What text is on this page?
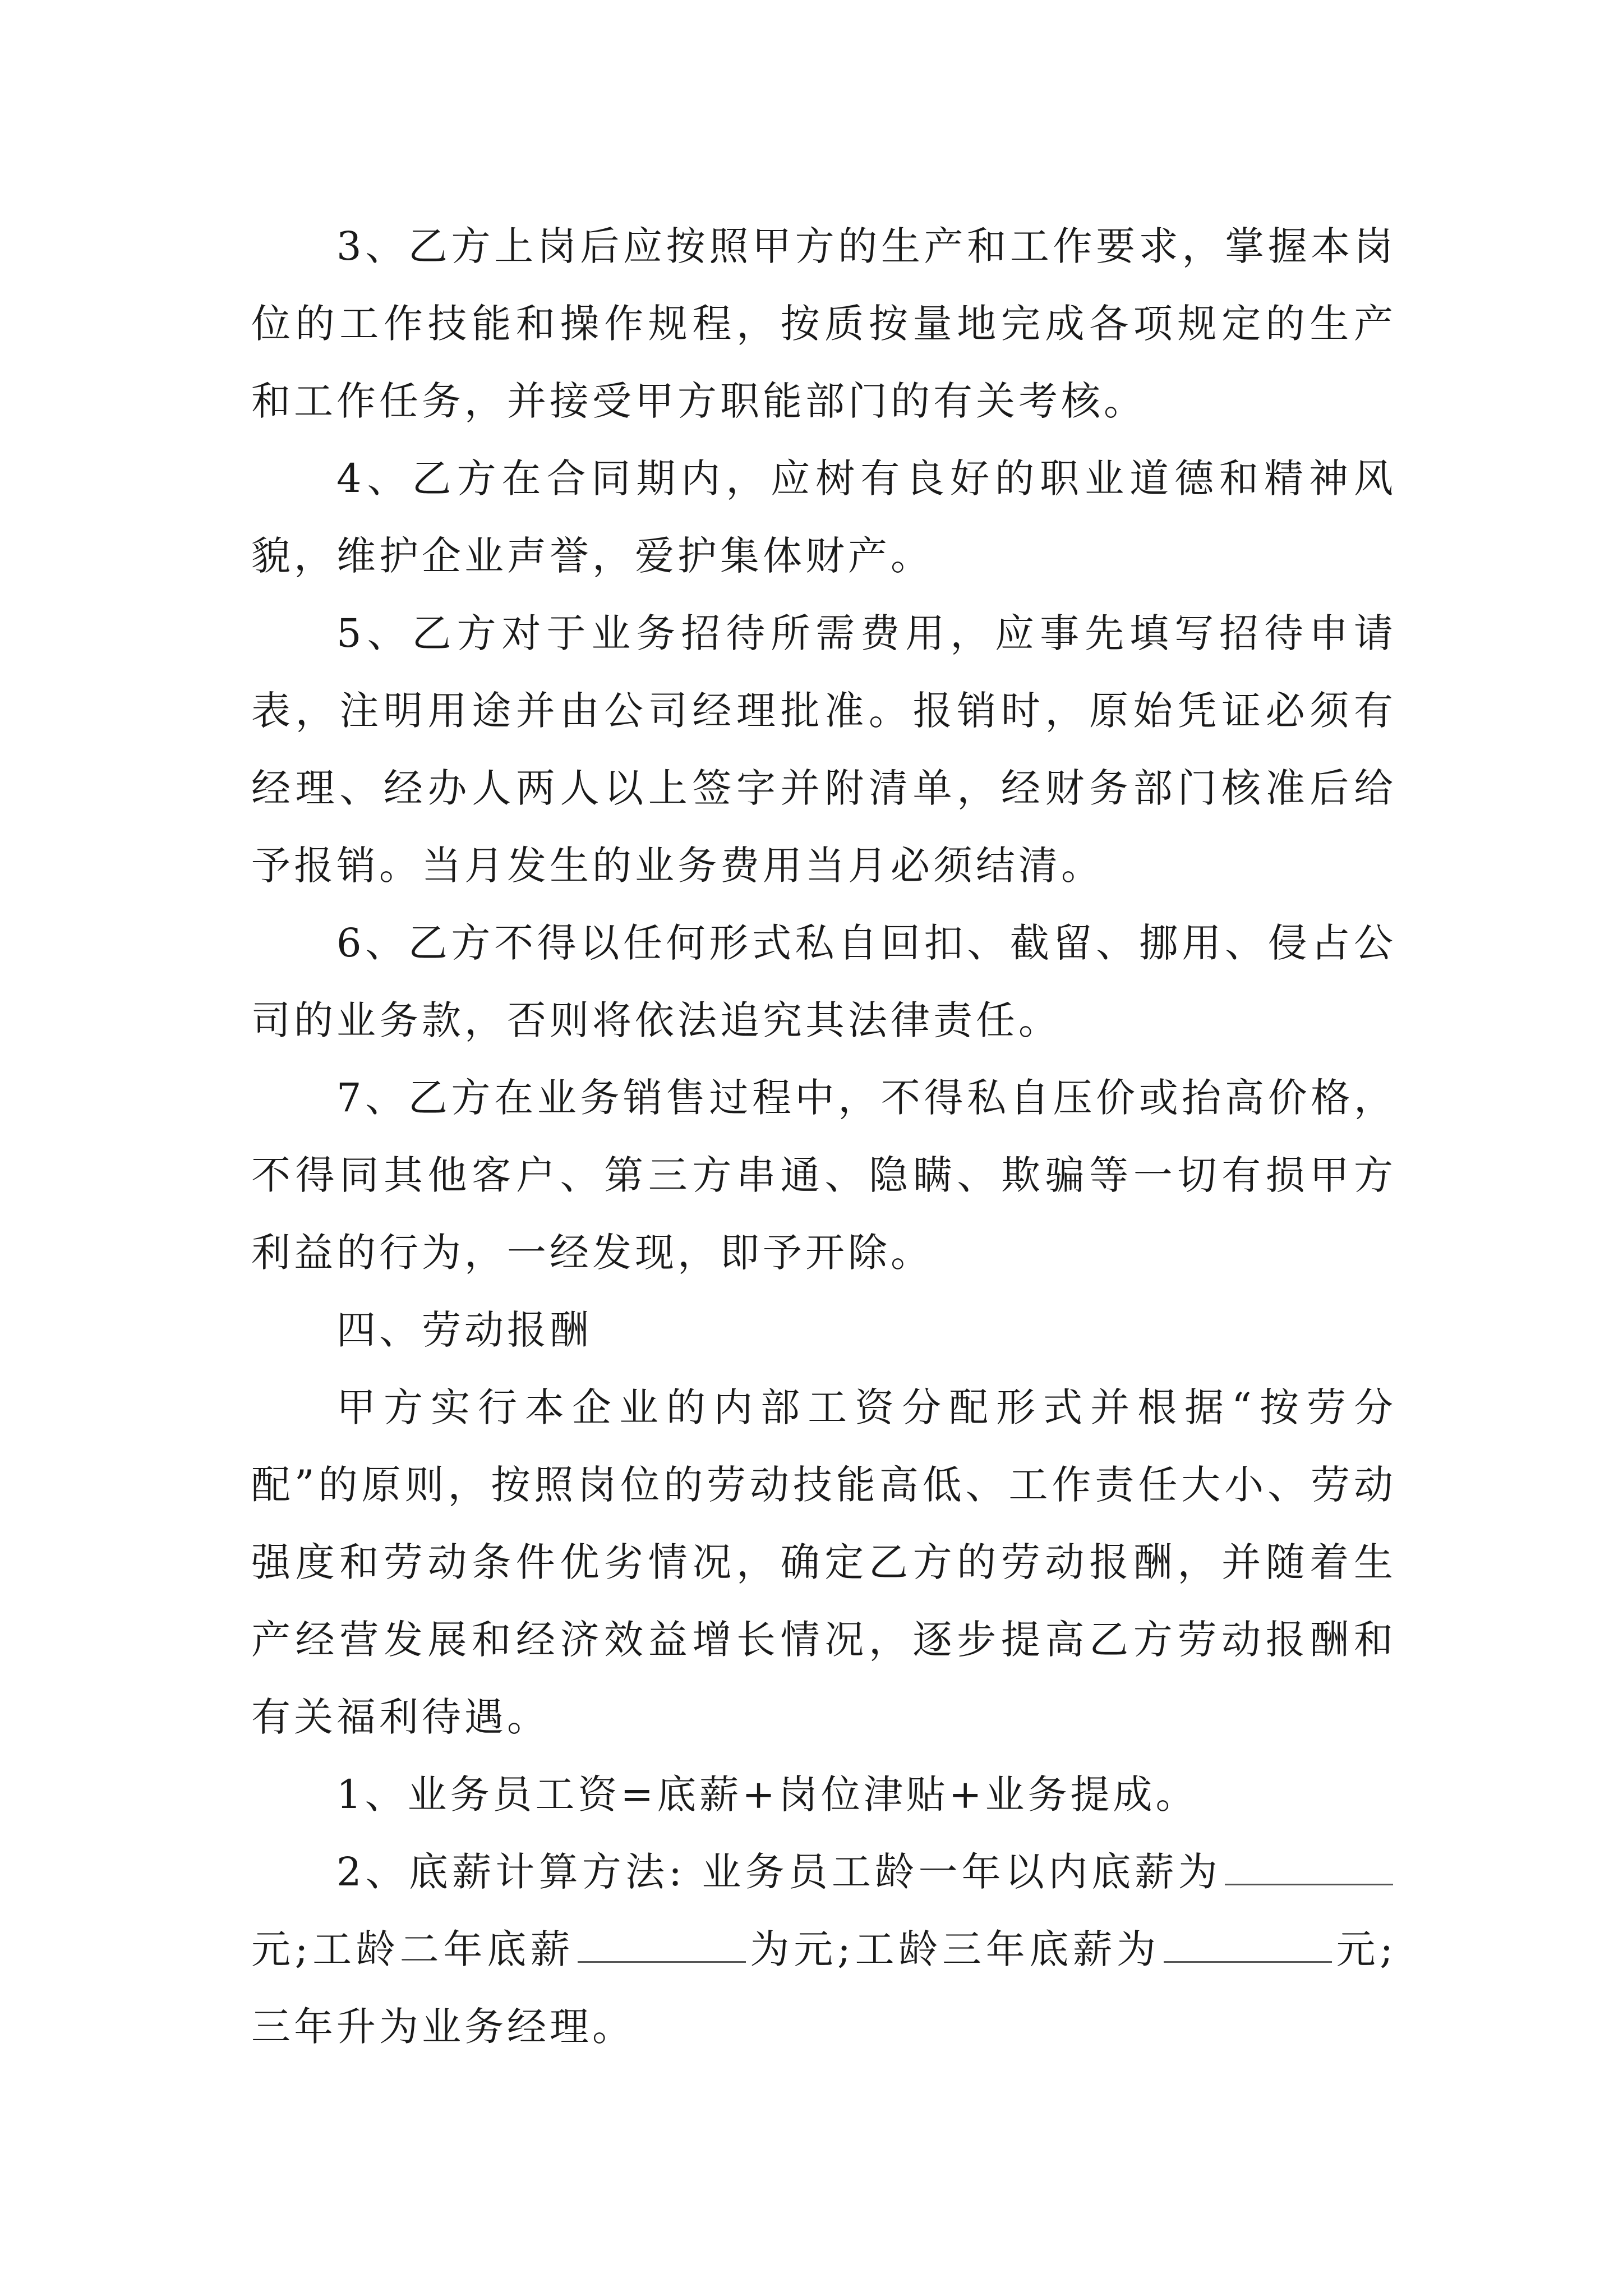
3、乙方上岗后应按照甲方的生产和工作要求，掌握本岗位的工作技能和操作规程，按质按量地完成各项规定的生产和工作任务，并接受甲方职能部门的有关考核。

4、乙方在合同期内，应树有良好的职业道德和精神风貌，维护企业声誉，爱护集体财产。

5、乙方对于业务招待所需费用，应事先填写招待申请表，注明用途并由公司经理批准。报销时，原始凭证必须有经理、经办人两人以上签字并附清单，经财务部门核准后给予报销。当月发生的业务费用当月必须结清。

6、乙方不得以任何形式私自回扣、截留、挪用、侵占公司的业务款，否则将依法追究其法律责任。

7、乙方在业务销售过程中，不得私自压价或抬高价格，不得同其他客户、第三方串通、隐瞒、欺骗等一切有损甲方利益的行为，一经发现，即予开除。

四、劳动报酬

甲方实行本企业的内部工资分配形式并根据“按劳分配”的原则，按照岗位的劳动技能高低、工作责任大小、劳动强度和劳动条件优劣情况，确定乙方的劳动报酬，并随着生产经营发展和经济效益增长情况，逐步提高乙方劳动报酬和有关福利待遇。

1、业务员工资=底薪+岗位津贴+业务提成。

2、底薪计算方法: 业务员工龄一年以内底薪为元;工龄二年底薪	为元;工龄三年底薪为	元;三年升为业务经理。
